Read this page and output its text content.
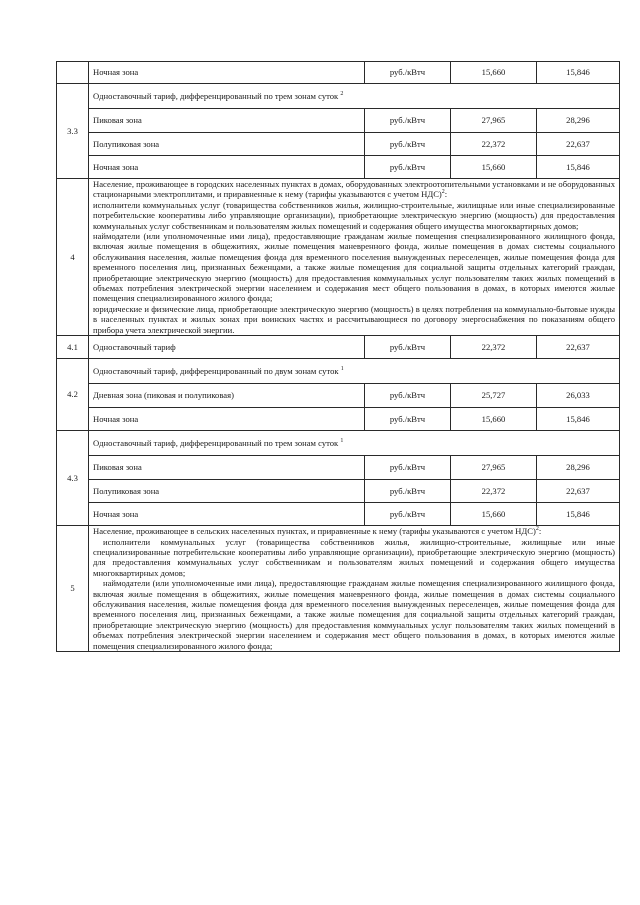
	Ночная зона	руб./кВтч	15,660	15,846
3.3	Одноставочный тариф, дифференцированный по трем зонам суток $^2$
	Пиковая зона	руб./кВтч	27,965	28,296
	Полупиковая зона	руб./кВтч	22,372	22,637
	Ночная зона	руб./кВтч	15,660	15,846
4	Население, проживающее в городских населенных пунктах в домах, оборудованных электроотопительными установками и не оборудованных стационарными электроплитами, и приравненные к нему (тарифы указываются с учетом НДС)$^2$:

исполнители коммунальных услуг (товарищества собственников жилья, жилищно-строительные, жилищные или иные специализированные потребительские кооперативы либо управляющие организации), приобретающие электрическую энергию (мощность) для предоставления коммунальных услуг собственникам и пользователям жилых помещений и содержания общего имущества многоквартирных домов;

наймодатели (или уполномоченные ими лица), предоставляющие гражданам жилые помещения специализированного жилищного фонда, включая жилые помещения в общежитиях, жилые помещения маневренного фонда, жилые помещения в домах системы социального обслуживания населения, жилые помещения фонда для временного поселения вынужденных переселенцев, жилые помещения фонда для временного поселения лиц, признанных беженцами, а также жилые помещения для социальной защиты отдельных категорий граждан, приобретающие электрическую энергию (мощность) для предоставления коммунальных услуг пользователям таких жилых помещений в объемах потребления электрической энергии населением и содержания мест общего пользования в домах, в которых имеются жилые помещения специализированного жилого фонда;

юридические и физические лица, приобретающие электрическую энергию (мощность) в целях потребления на коммунально-бытовые нужды в населенных пунктах и жилых зонах при воинских частях и рассчитывающиеся по договору энергоснабжения по показаниям общего прибора учета электрической энергии.			

4.1	Одноставочный тариф	руб./кВтч	22,372	22,637
4.2	Одноставочный тариф, дифференцированный по двум зонам суток $^1$
	Дневная зона (пиковая и полупиковая)	руб./кВтч	25,727	26,033
	Ночная зона	руб./кВтч	15,660	15,846
4.3	Одноставочный тариф, дифференцированный по трем зонам суток $^1$
	Пиковая зона	руб./кВтч	27,965	28,296
	Полупиковая зона	руб./кВтч	22,372	22,637
	Ночная зона	руб./кВтч	15,660	15,846
5	Население, проживающее в сельских населенных пунктах, и приравненные к нему (тарифы указываются с учетом НДС)$^2$:

исполнители коммунальных услуг (товарищества собственников жилья, жилищно-строительные, жилищные или иные специализированные потребительские кооперативы либо управляющие организации), приобретающие электрическую энергию (мощность) для предоставления коммунальных услуг собственникам и пользователям жилых помещений и содержания общего имущества многоквартирных домов;

наймодатели (или уполномоченные ими лица), предоставляющие гражданам жилые помещения специализированного жилищного фонда, включая жилые помещения в общежитиях, жилые помещения маневренного фонда, жилые помещения в домах системы социального обслуживания населения, жилые помещения фонда для временного поселения вынужденных переселенцев, жилые помещения фонда для временного поселения лиц, признанных беженцами, а также жилые помещения для социальной защиты отдельных категорий граждан, приобретающие электрическую энергию (мощность) для предоставления коммунальных услуг пользователям таких жилых помещений в объемах потребления электрической энергии населением и содержания мест общего пользования в домах, в которых имеются жилые помещения специализированного жилого фонда;			
